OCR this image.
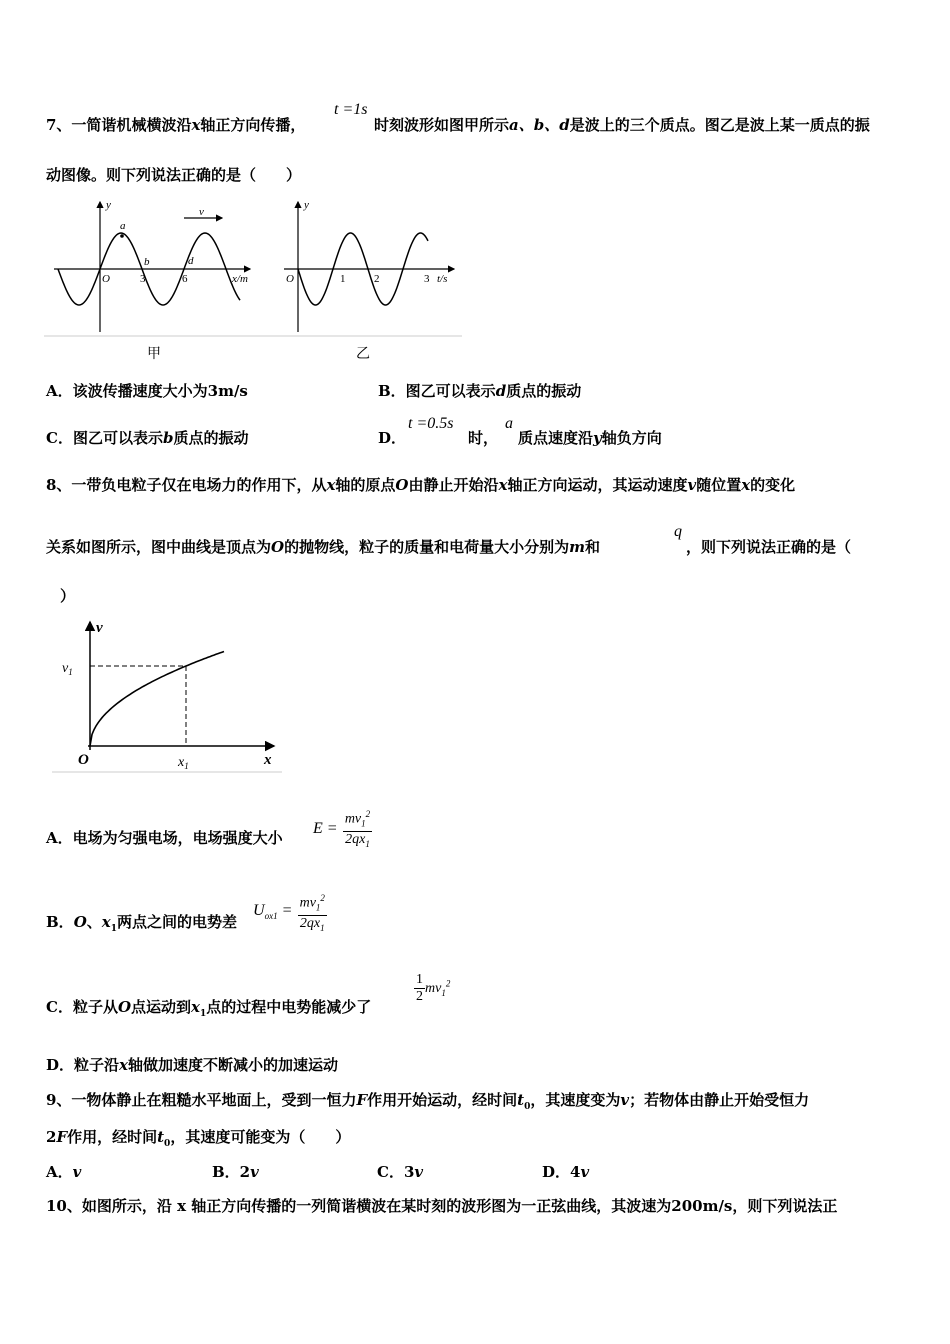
7、一简谐机械横波沿x轴正方向传播，
t =1s
时刻波形如图甲所示a、b、d是波上的三个质点。图乙是波上某一质点的振
动图像。则下列说法正确的是（　　）
y
O	3	6	x/m
a
b	d
v
y
O	1	2	3 t/s
甲	乙
A．该波传播速度大小为3m/s	B．图乙可以表示d质点的振动
C．图乙可以表示b质点的振动	D．
t =0.5s
时，
a
质点速度沿y轴负方向
8、一带负电粒子仅在电场力的作用下，从x轴的原点O由静止开始沿x轴正方向运动，其运动速度v随位置x的变化
关系如图所示，图中曲线是顶点为O的抛物线，粒子的质量和电荷量大小分别为m和
q
，则下列说法正确的是（
）
v
$v_1$
O	$x_1$	x
A．电场为匀强电场，电场强度大小
$E = \frac{mv_1^2}{2qx_1}$
B．O、$x_1$两点之间的电势差
$U_{ox1} = \frac{mv_1^2}{2qx_1}$
C．粒子从O点运动到$x_1$点的过程中电势能减少了
$\frac{1}{2} mv_1^2$
D．粒子沿x轴做加速度不断减小的加速运动
9、一物体静止在粗糙水平地面上，受到一恒力F作用开始运动，经时间$t_0$，其速度变为v；若物体由静止开始受恒力
2F作用，经时间$t_0$，其速度可能变为（　　）
A．v	B．2v	C．3v	D．4v
10、如图所示，沿 x 轴正方向传播的一列简谐横波在某时刻的波形图为一正弦曲线，其波速为200m/s，则下列说法正
